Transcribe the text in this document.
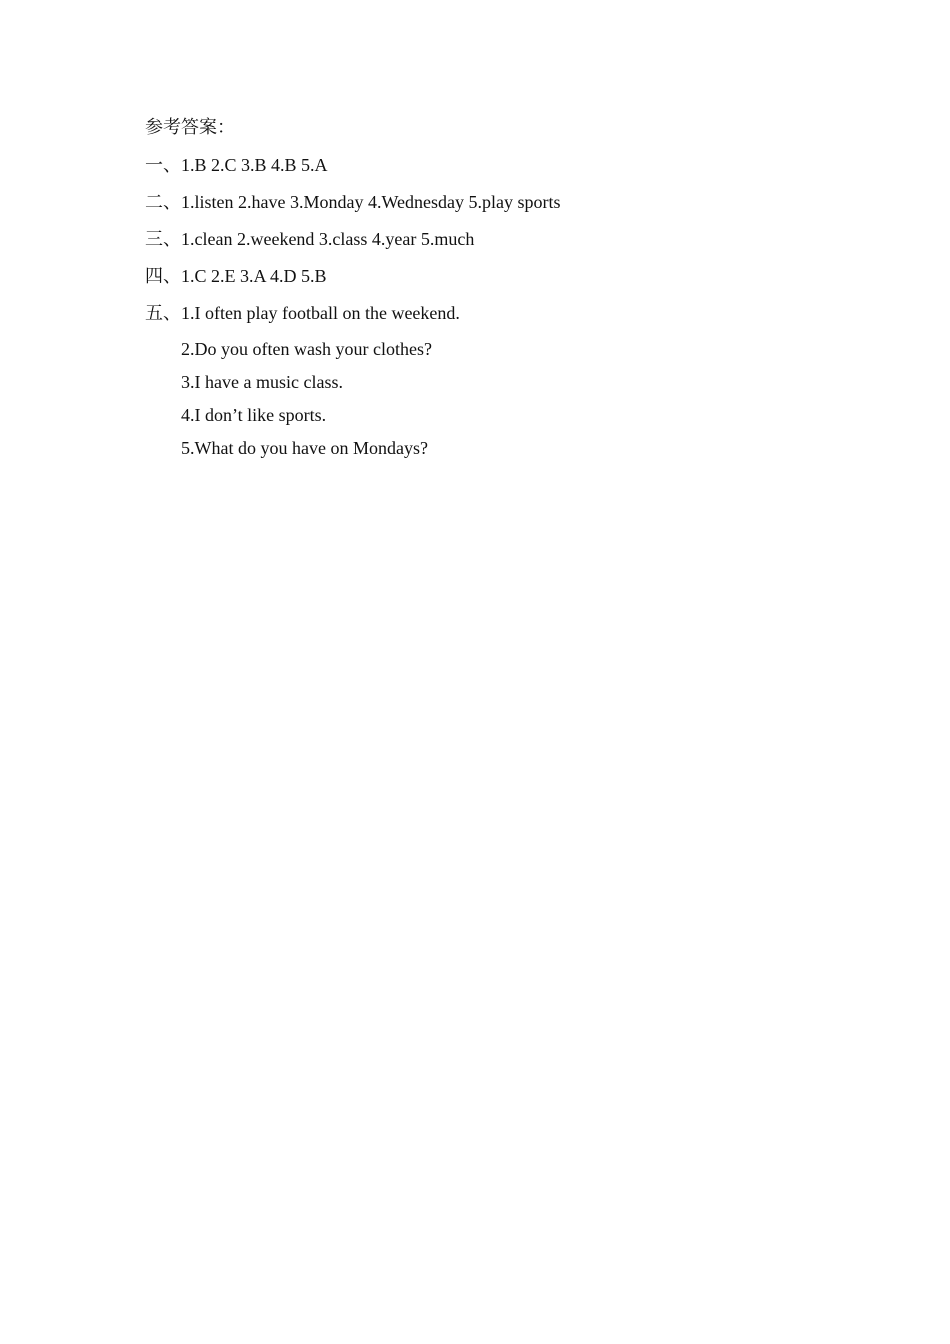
参考答案：
一、1.B 2.C 3.B 4.B 5.A
二、1.listen 2.have 3.Monday 4.Wednesday 5.play sports
三、1.clean 2.weekend 3.class 4.year 5.much
四、1.C 2.E 3.A 4.D 5.B
五、1.I often play football on the weekend.
2.Do you often wash your clothes?
3.I have a music class.
4.I don’t like sports.
5.What do you have on Mondays?
